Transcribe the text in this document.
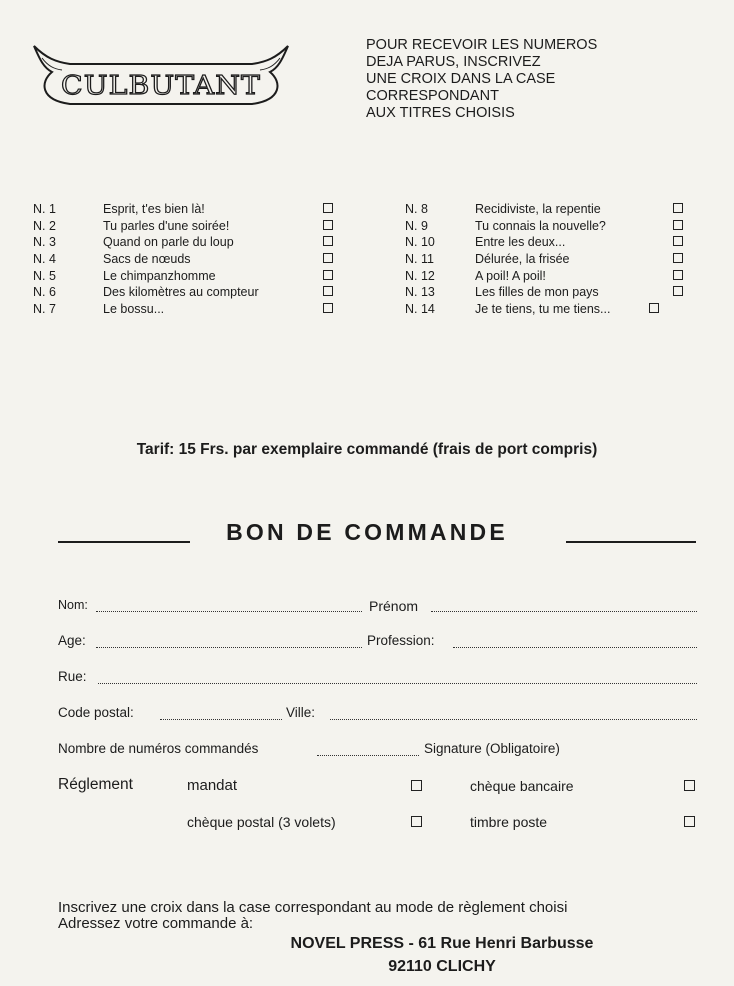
CULBUTANT
POUR RECEVOIR LES NUMEROS
DEJA PARUS, INSCRIVEZ
UNE CROIX DANS LA CASE
CORRESPONDANT
AUX TITRES CHOISIS
N. 1	Esprit, t'es bien là!
N. 2	Tu parles d'une soirée!
N. 3	Quand on parle du loup
N. 4	Sacs de nœuds
N. 5	Le chimpanzhomme
N. 6	Des kilomètres au compteur
N. 7	Le bossu...
N. 8	Recidiviste, la repentie
N. 9	Tu connais la nouvelle?
N. 10	Entre les deux...
N. 11	Délurée, la frisée
N. 12	A poil! A poil!
N. 13	Les filles de mon pays
N. 14	Je te tiens, tu me tiens...
Tarif: 15 Frs. par exemplaire commandé (frais de port compris)
BON DE COMMANDE
Nom:	Prénom
Age:	Profession:
Rue:
Code postal:	Ville:
Nombre de numéros commandés	Signature (Obligatoire)
Réglement	mandat	chèque bancaire
chèque postal (3 volets)	timbre poste
Inscrivez une croix dans la case correspondant au mode de règlement choisi
Adressez votre commande à:
NOVEL PRESS - 61 Rue Henri Barbusse
92110 CLICHY
